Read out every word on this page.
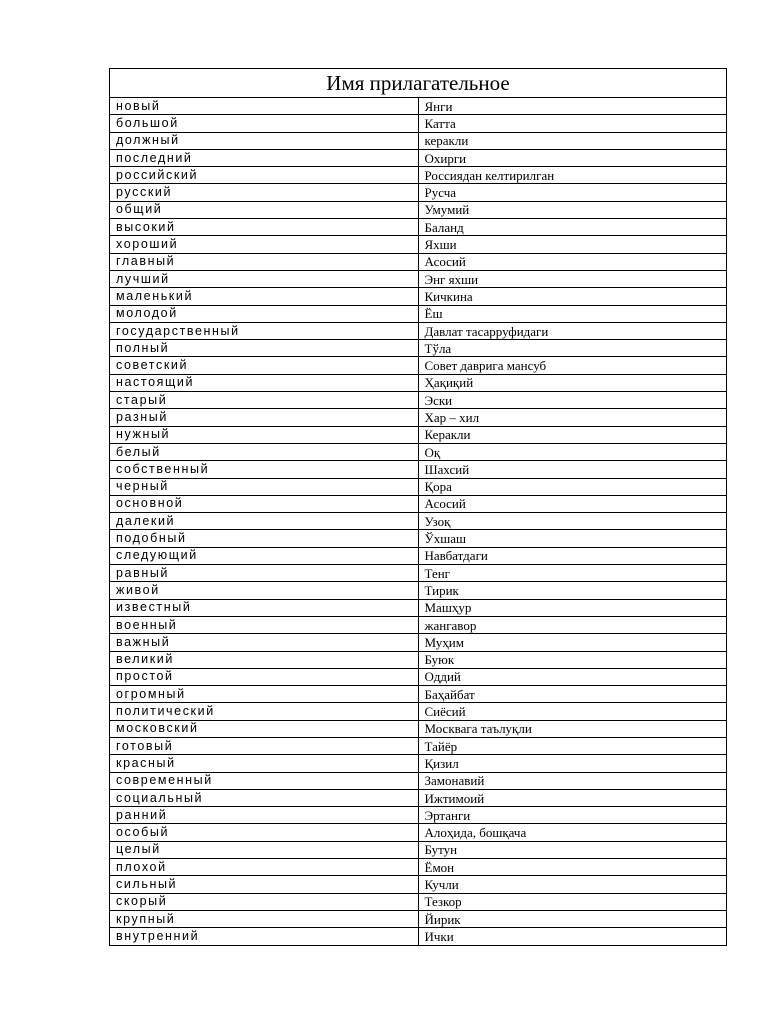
Имя прилагательное	
новый	Янги
большой	Катта
должный	керакли
последний	Охирги
российский	Россиядан келтирилган
русский	Русча
общий	Умумий
высокий	Баланд
хороший	Яхши
главный	Асосий
лучший	Энг яхши
маленький	Кичкина
молодой	Ёш
государственный	Давлат тасарруфидаги
полный	Тўла
советский	Совет даврига мансуб
настоящий	Ҳақиқий
старый	Эски
разный	Хар – хил
нужный	Керакли
белый	Оқ
собственный	Шахсий
черный	Қора
основной	Асосий
далекий	Узоқ
подобный	Ўхшаш
следующий	Навбатдаги
равный	Тенг
живой	Тирик
известный	Машҳур
военный	жангавор
важный	Муҳим
великий	Буюк
простой	Оддий
огромный	Баҳайбат
политический	Сиёсий
московский	Москвага таълуқли
готовый	Тайёр
красный	Қизил
современный	Замонавий
социальный	Ижтимоий
ранний	Эртанги
особый	Алоҳида, бошқача
целый	Бутун
плохой	Ёмон
сильный	Кучли
скорый	Тезкор
крупный	Йирик
внутренний	Ички
